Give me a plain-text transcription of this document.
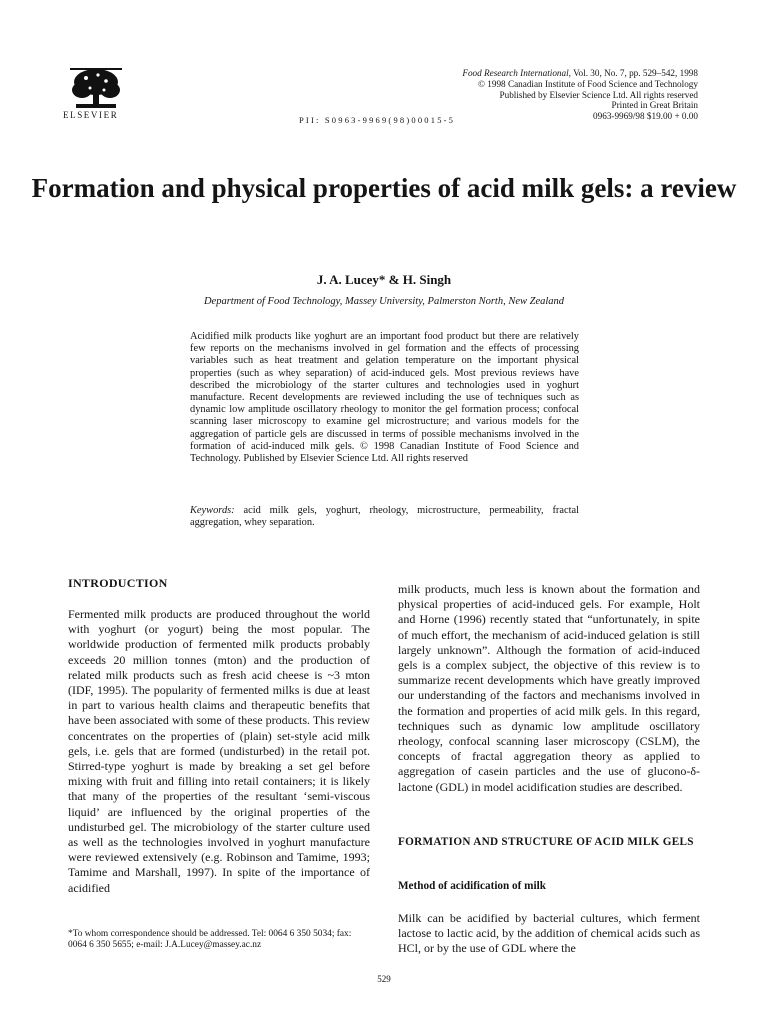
ELSEVIER	PII: S0963-9969(98)00015-5
Food Research International, Vol. 30, No. 7, pp. 529–542, 1998
© 1998 Canadian Institute of Food Science and Technology
Published by Elsevier Science Ltd. All rights reserved
Printed in Great Britain
0963-9969/98 $19.00 + 0.00
Formation and physical properties of acid milk gels: a review
J. A. Lucey* & H. Singh
Department of Food Technology, Massey University, Palmerston North, New Zealand
Acidified milk products like yoghurt are an important food product but there are relatively few reports on the mechanisms involved in gel formation and the effects of processing variables such as heat treatment and gelation temperature on the important physical properties (such as whey separation) of acid-induced gels. Most previous reviews have described the microbiology of the starter cultures and technologies used in yoghurt manufacture. Recent developments are reviewed including the use of techniques such as dynamic low amplitude oscillatory rheology to monitor the gel formation process; confocal scanning laser microscopy to examine gel microstructure; and various models for the aggregation of particle gels are discussed in terms of possible mechanisms involved in the formation of acid-induced milk gels. © 1998 Canadian Institute of Food Science and Technology. Published by Elsevier Science Ltd. All rights reserved
Keywords: acid milk gels, yoghurt, rheology, microstructure, permeability, fractal aggregation, whey separation.
INTRODUCTION
Fermented milk products are produced throughout the world with yoghurt (or yogurt) being the most popular. The worldwide production of fermented milk products probably exceeds 20 million tonnes (mton) and the production of related milk products such as fresh acid cheese is ~3 mton (IDF, 1995). The popularity of fermented milks is due at least in part to various health claims and therapeutic benefits that have been associated with some of these products. This review concentrates on the properties of (plain) set-style acid milk gels, i.e. gels that are formed (undisturbed) in the retail pot. Stirred-type yoghurt is made by breaking a set gel before mixing with fruit and filling into retail containers; it is likely that many of the properties of the resultant ‘semi-viscous liquid’ are influenced by the original properties of the undisturbed gel. The microbiology of the starter culture used as well as the technologies involved in yoghurt manufacture were reviewed extensively (e.g. Robinson and Tamime, 1993; Tamime and Marshall, 1997). In spite of the importance of acidified
milk products, much less is known about the formation and physical properties of acid-induced gels. For example, Holt and Horne (1996) recently stated that “unfortunately, in spite of much effort, the mechanism of acid-induced gelation is still largely unknown”. Although the formation of acid-induced gels is a complex subject, the objective of this review is to summarize recent developments which have greatly improved our understanding of the factors and mechanisms involved in the formation and properties of acid milk gels. In this regard, techniques such as dynamic low amplitude oscillatory rheology, confocal scanning laser microscopy (CSLM), the concepts of fractal aggregation theory as applied to aggregation of casein particles and the use of glucono-δ-lactone (GDL) in model acidification studies are described.
FORMATION AND STRUCTURE OF ACID MILK GELS
Method of acidification of milk
Milk can be acidified by bacterial cultures, which ferment lactose to lactic acid, by the addition of chemical acids such as HCl, or by the use of GDL where the
*To whom correspondence should be addressed. Tel: 0064 6 350 5034; fax: 0064 6 350 5655; e-mail: J.A.Lucey@massey.ac.nz
529
